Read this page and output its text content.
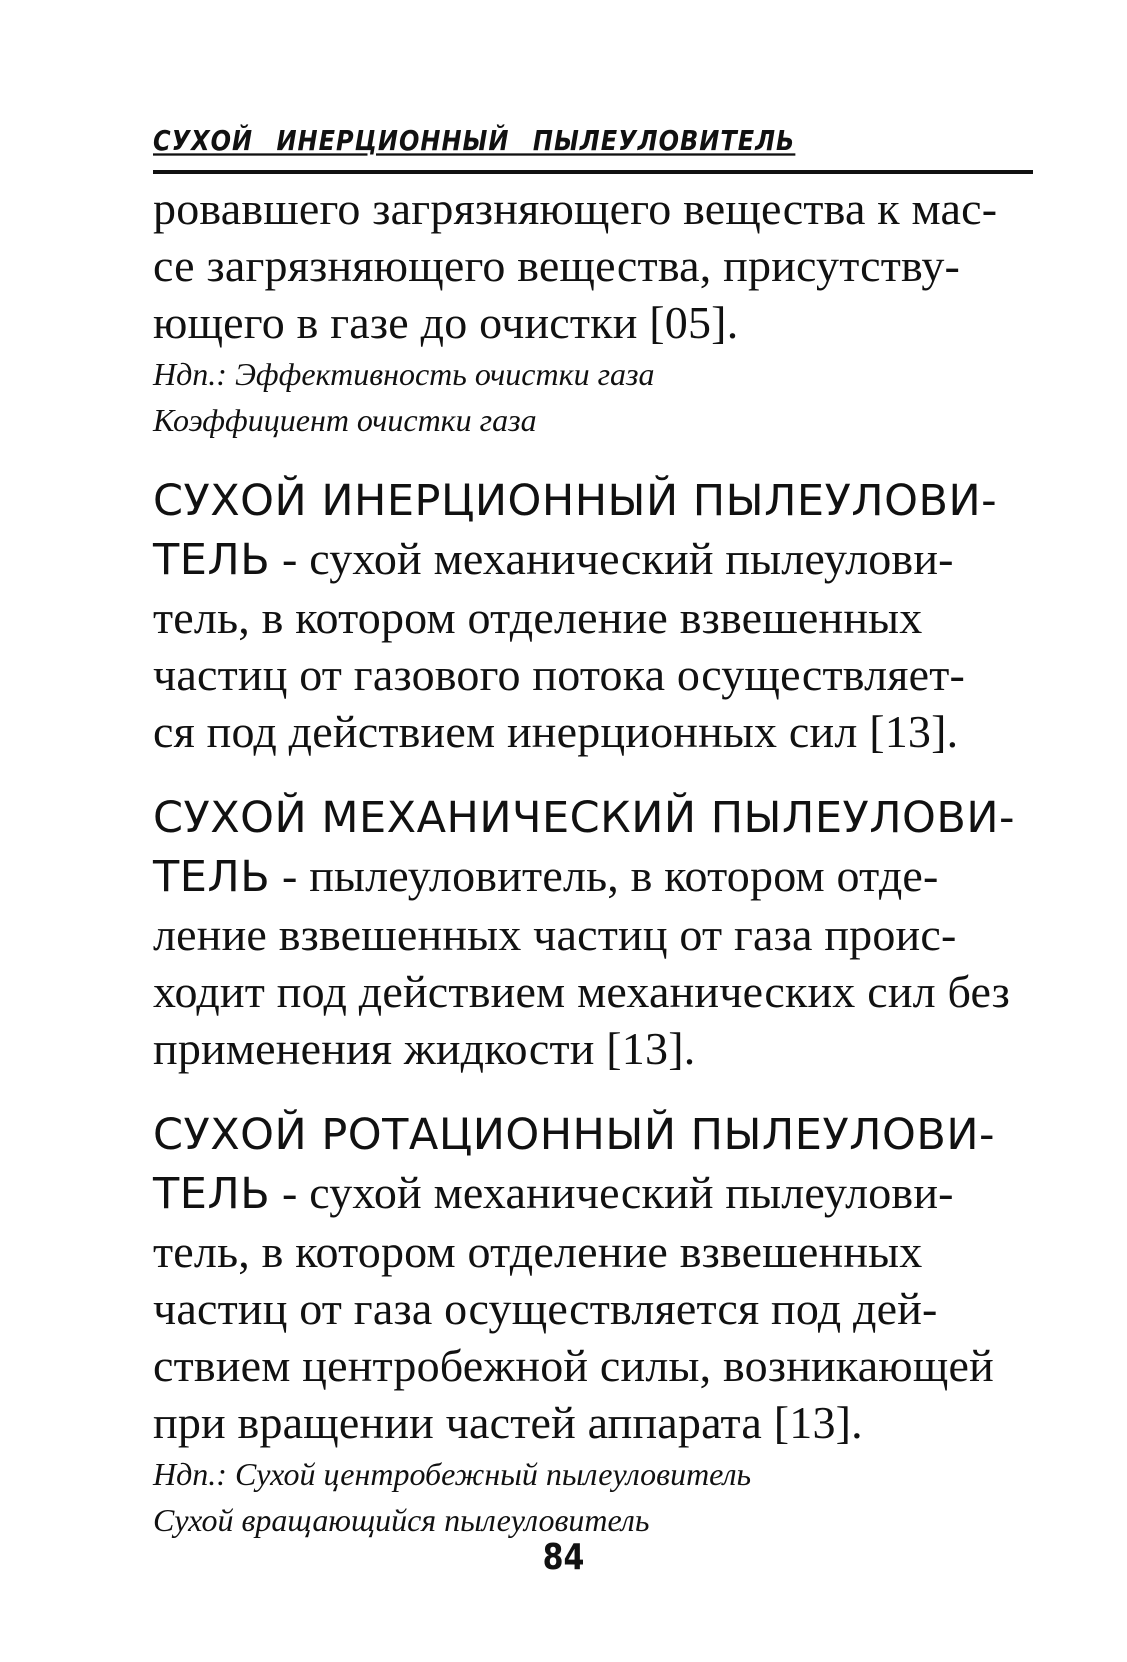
СУХОЙ ИНЕРЦИОННЫЙ ПЫЛЕУЛОВИТЕЛЬ
ровавшего загрязняющего вещества к мас-
се загрязняющего вещества, присутству-
ющего в газе до очистки [05].
Ндп.: Эффективность очистки газа
Коэффициент очистки газа
СУХОЙ ИНЕРЦИОННЫЙ ПЫЛЕУЛОВИ-
ТЕЛЬ - сухой механический пылеулови-
тель, в котором отделение взвешенных
частиц от газового потока осуществляет-
ся под действием инерционных сил [13].
СУХОЙ МЕХАНИЧЕСКИЙ ПЫЛЕУЛОВИ-
ТЕЛЬ - пылеуловитель, в котором отде-
ление взвешенных частиц от газа проис-
ходит под действием механических сил без
применения жидкости [13].
СУХОЙ РОТАЦИОННЫЙ ПЫЛЕУЛОВИ-
ТЕЛЬ - сухой механический пылеулови-
тель, в котором отделение взвешенных
частиц от газа осуществляется под дей-
ствием центробежной силы, возникающей
при вращении частей аппарата [13].
Ндп.: Сухой центробежный пылеуловитель
Сухой вращающийся пылеуловитель
84
